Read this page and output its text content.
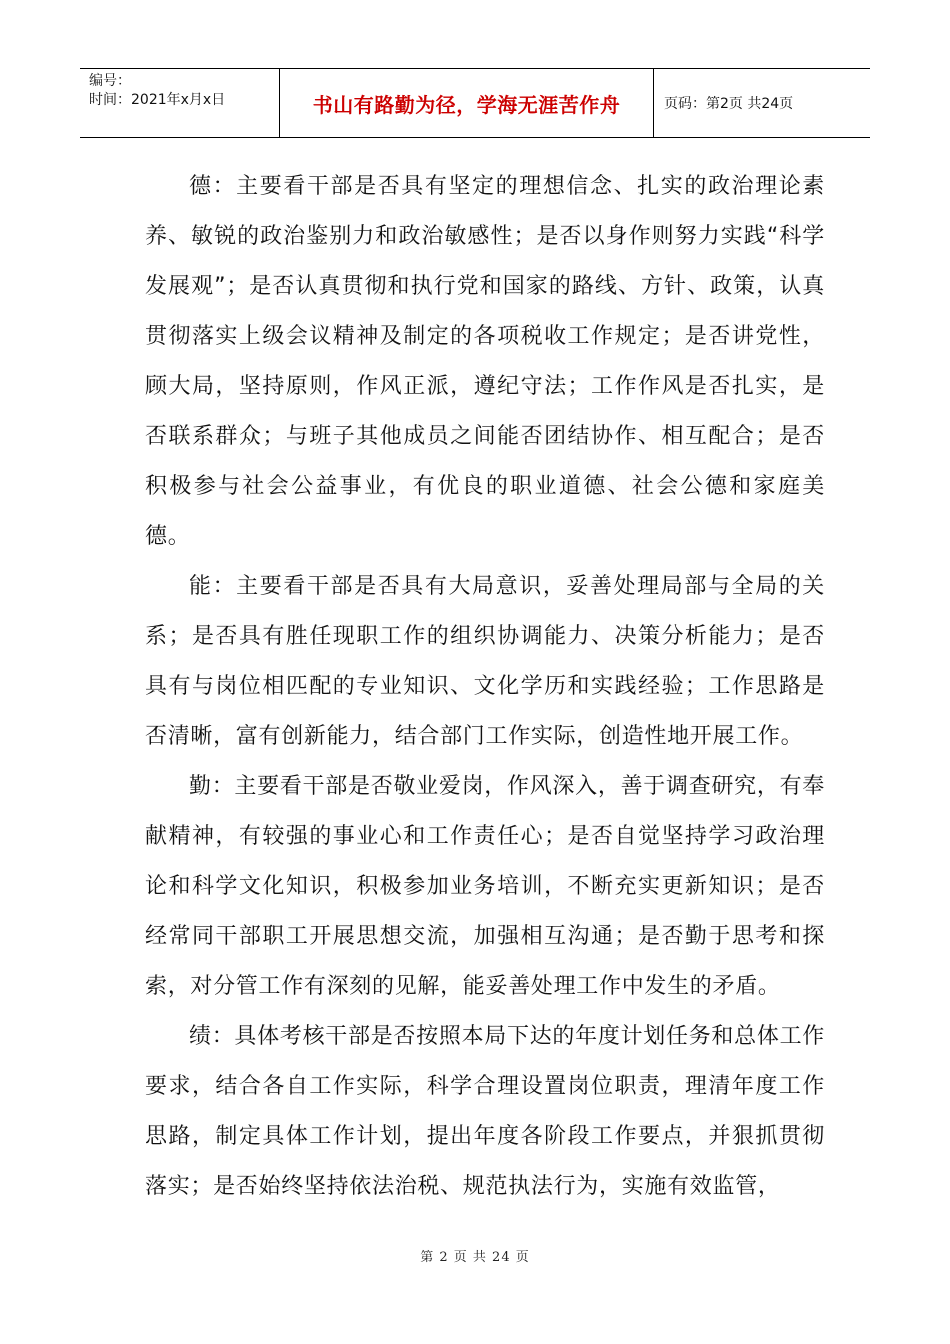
编号：
时间：2021年x月x日	书山有路勤为径，学海无涯苦作舟	页码：第2页 共24页

德：主要看干部是否具有坚定的理想信念、扎实的政治理论素养、敏锐的政治鉴别力和政治敏感性；是否以身作则努力实践“科学发展观”；是否认真贯彻和执行党和国家的路线、方针、政策，认真贯彻落实上级会议精神及制定的各项税收工作规定；是否讲党性，顾大局，坚持原则，作风正派，遵纪守法；工作作风是否扎实，是否联系群众；与班子其他成员之间能否团结协作、相互配合；是否积极参与社会公益事业，有优良的职业道德、社会公德和家庭美德。

能：主要看干部是否具有大局意识，妥善处理局部与全局的关系；是否具有胜任现职工作的组织协调能力、决策分析能力；是否具有与岗位相匹配的专业知识、文化学历和实践经验；工作思路是否清晰，富有创新能力，结合部门工作实际，创造性地开展工作。

勤：主要看干部是否敬业爱岗，作风深入，善于调查研究，有奉献精神，有较强的事业心和工作责任心；是否自觉坚持学习政治理论和科学文化知识，积极参加业务培训，不断充实更新知识；是否经常同干部职工开展思想交流，加强相互沟通；是否勤于思考和探索，对分管工作有深刻的见解，能妥善处理工作中发生的矛盾。

绩：具体考核干部是否按照本局下达的年度计划任务和总体工作要求，结合各自工作实际，科学合理设置岗位职责，理清年度工作思路，制定具体工作计划，提出年度各阶段工作要点，并狠抓贯彻落实；是否始终坚持依法治税、规范执法行为，实施有效监管，

第 2 页 共 24 页
